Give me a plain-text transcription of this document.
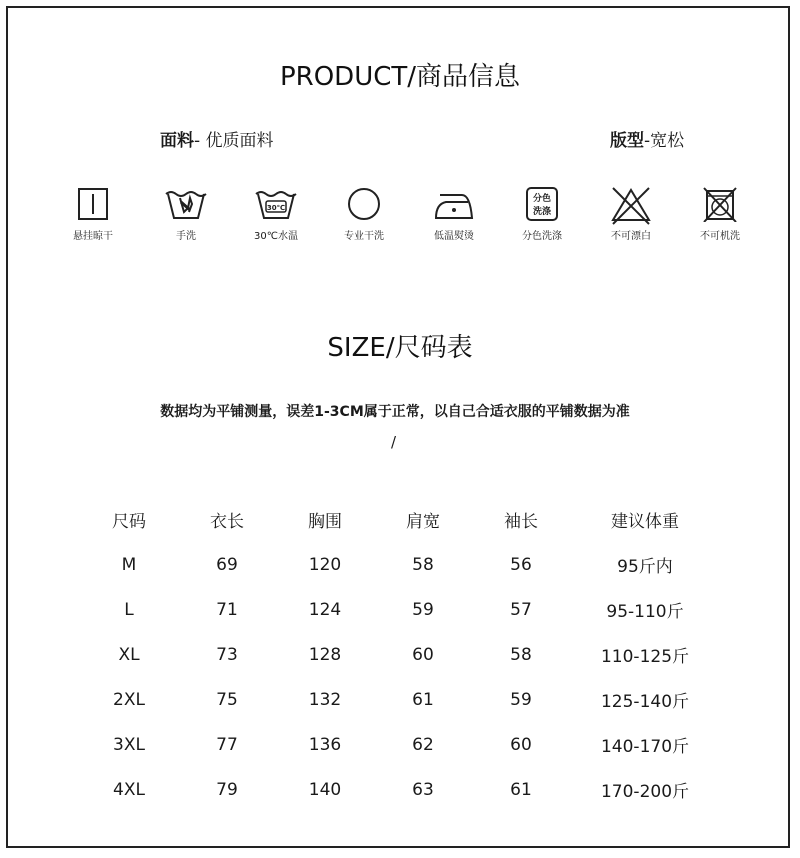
PRODUCT/商品信息
面料- 优质面料	版型-宽松
悬挂晾干	手洗
30℃
30℃水温	专业干洗	低温熨烫
分色
洗涤
分色洗涤	不可漂白	不可机洗
SIZE/尺码表
数据均为平铺测量，误差1-3CM属于正常，以自己合适衣服的平铺数据为准
/
尺码	衣长	胸围	肩宽	袖长	建议体重
M	69	120	58	56	95斤内
L	71	124	59	57	95-110斤
XL	73	128	60	58	110-125斤
2XL	75	132	61	59	125-140斤
3XL	77	136	62	60	140-170斤
4XL	79	140	63	61	170-200斤
